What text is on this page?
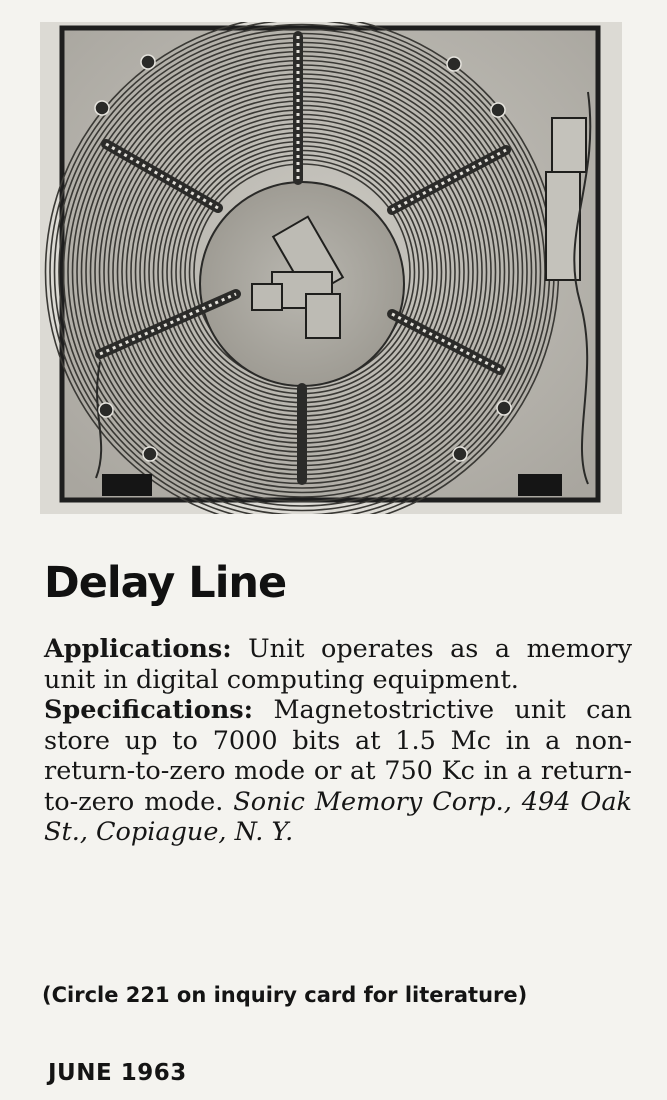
Delay Line

Applications: Unit operates as a memory unit in digital computing equipment.

Specifications: Magnetostrictive unit can store up to 7000 bits at 1.5 Mc in a non-return-to-zero mode or at 750 Kc in a return-to-zero mode. Sonic Memory Corp., 494 Oak St., Copiague, N. Y.

(Circle 221 on inquiry card for literature)

JUNE 1963
